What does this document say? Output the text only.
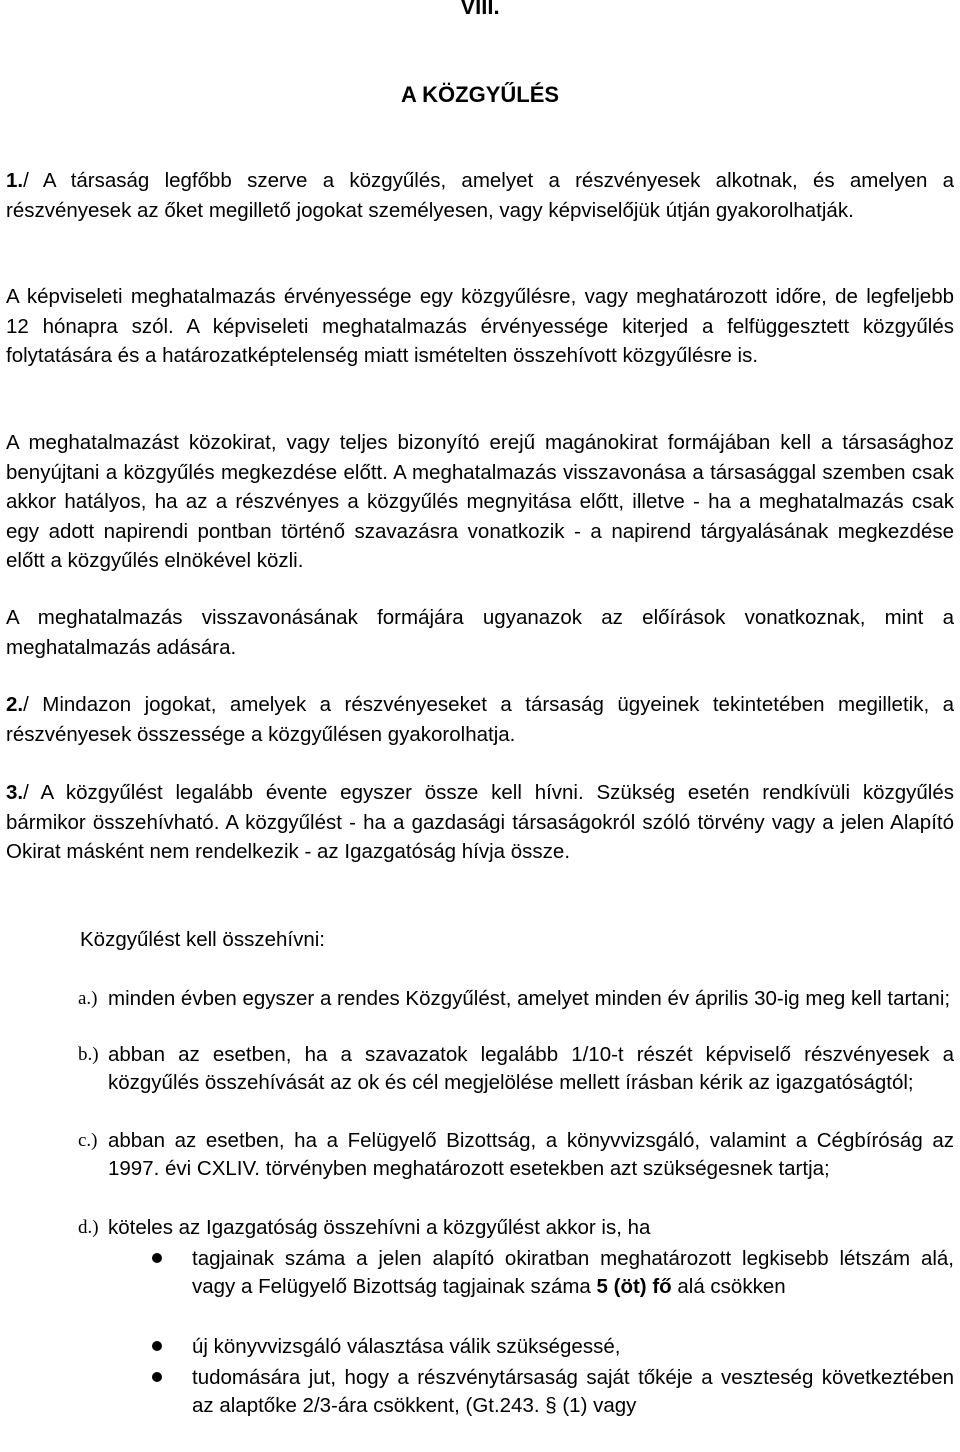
VIII.
A KÖZGYŰLÉS

1./ A társaság legfőbb szerve a közgyűlés, amelyet a részvényesek alkotnak, és amelyen a részvényesek az őket megillető jogokat személyesen, vagy képviselőjük útján gyakorolhatják.

A képviseleti meghatalmazás érvényessége egy közgyűlésre, vagy meghatározott időre, de legfeljebb 12 hónapra szól. A képviseleti meghatalmazás érvényessége kiterjed a felfüggesztett közgyűlés folytatására és a határozatképtelenség miatt ismételten összehívott közgyűlésre is.

A meghatalmazást közokirat, vagy teljes bizonyító erejű magánokirat formájában kell a társasághoz benyújtani a közgyűlés megkezdése előtt. A meghatalmazás visszavonása a társasággal szemben csak akkor hatályos, ha az a részvényes a közgyűlés megnyitása előtt, illetve - ha a meghatalmazás csak egy adott napirendi pontban történő szavazásra vonatkozik - a napirend tárgyalásának megkezdése előtt a közgyűlés elnökével közli.

A meghatalmazás visszavonásának formájára ugyanazok az előírások vonatkoznak, mint a meghatalmazás adására.

2./ Mindazon jogokat, amelyek a részvényeseket a társaság ügyeinek tekintetében megilletik, a részvényesek összessége a közgyűlésen gyakorolhatja.

3./ A közgyűlést legalább évente egyszer össze kell hívni. Szükség esetén rendkívüli közgyűlés bármikor összehívható. A közgyűlést - ha a gazdasági társaságokról szóló törvény vagy a jelen Alapító Okirat másként nem rendelkezik - az Igazgatóság hívja össze.

Közgyűlést kell összehívni:
a.) minden évben egyszer a rendes Közgyűlést, amelyet minden év április 30-ig meg kell tartani;
b.) abban az esetben, ha a szavazatok legalább 1/10-t részét képviselő részvényesek a közgyűlés összehívását az ok és cél megjelölése mellett írásban kérik az igazgatóságtól;
c.) abban az esetben, ha a Felügyelő Bizottság, a könyvvizsgáló, valamint a Cégbíróság az 1997. évi CXLIV. törvényben meghatározott esetekben azt szükségesnek tartja;
d.) köteles az Igazgatóság összehívni a közgyűlést akkor is, ha
tagjainak száma a jelen alapító okiratban meghatározott legkisebb létszám alá, vagy a Felügyelő Bizottság tagjainak száma 5 (öt) fő alá csökken
új könyvvizsgáló választása válik szükségessé,
tudomására jut, hogy a részvénytársaság saját tőkéje a veszteség következtében az alaptőke 2/3-ára csökkent, (Gt.243. § (1) vagy
